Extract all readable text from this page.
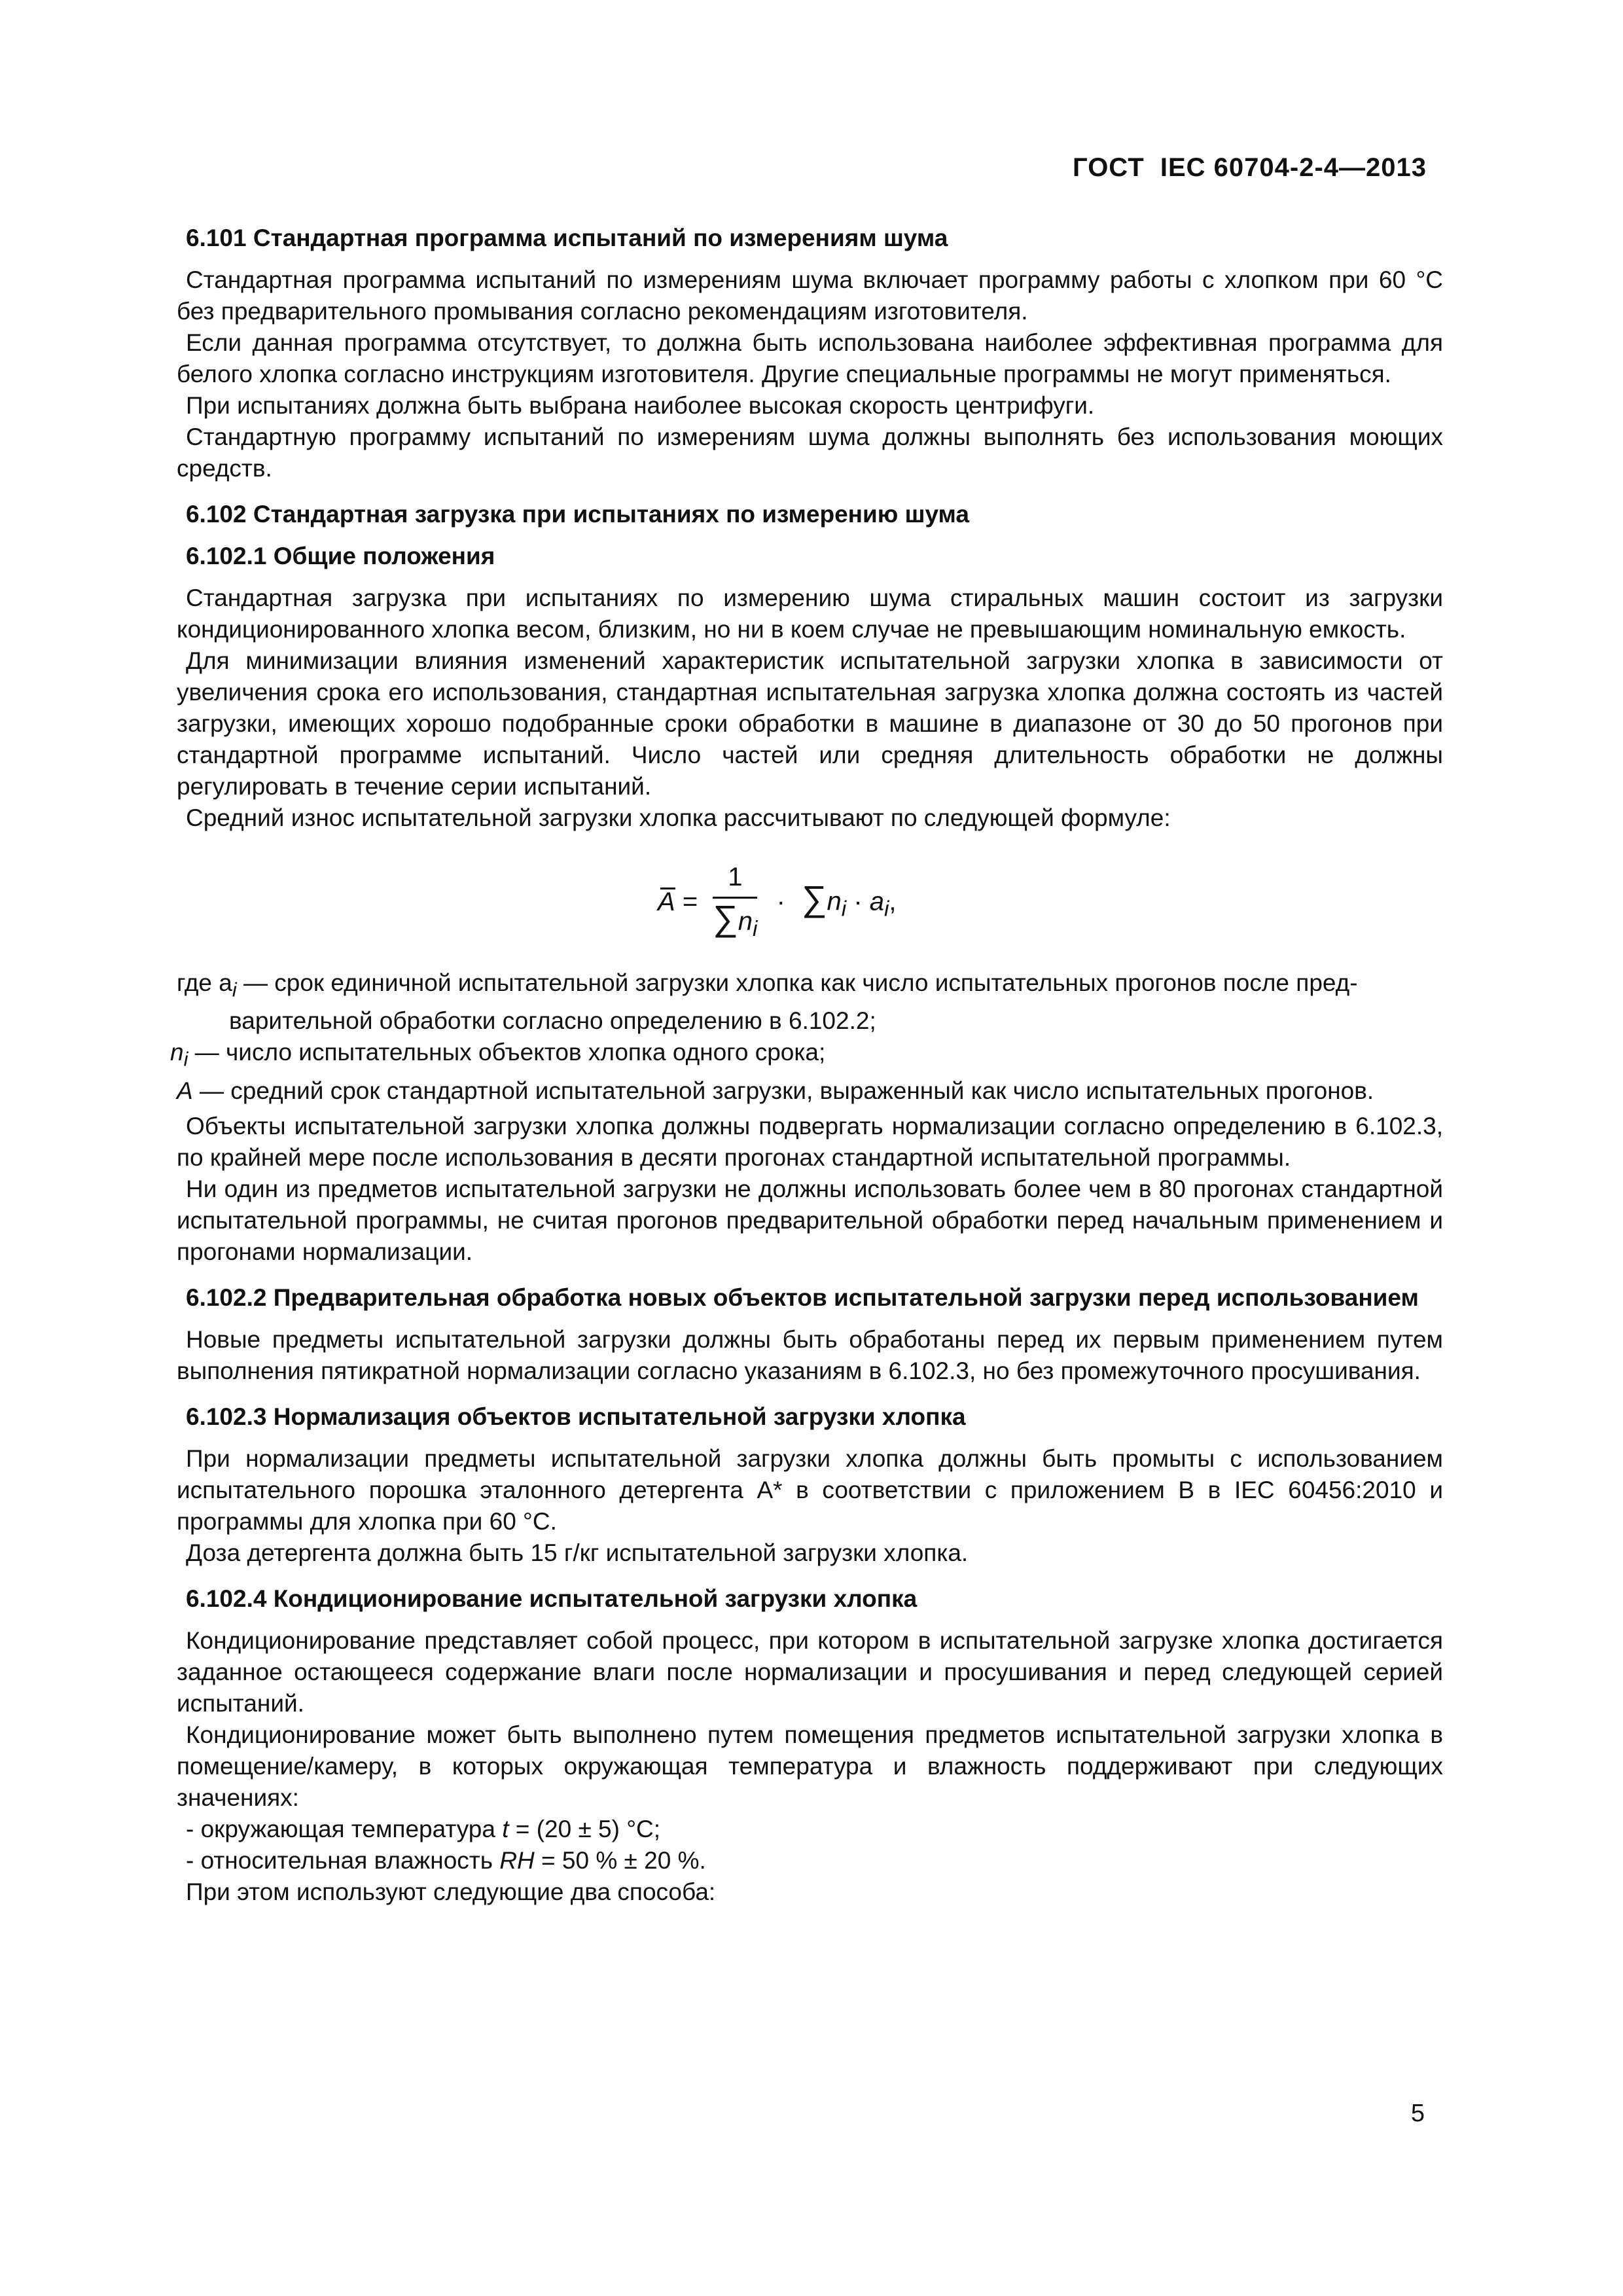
ГОСТ  IEC 60704-2-4—2013
6.101 Стандартная программа испытаний по измерениям шума

Стандартная программа испытаний по измерениям шума включает программу работы с хлопком при 60 °С без предварительного промывания согласно рекомендациям изготовителя.

Если данная программа отсутствует, то должна быть использована наиболее эффективная программа для белого хлопка согласно инструкциям изготовителя. Другие специальные программы не могут применяться.

При испытаниях должна быть выбрана наиболее высокая скорость центрифуги.

Стандартную программу испытаний по измерениям шума должны выполнять без использования моющих средств.

6.102 Стандартная загрузка при испытаниях по измерению шума
6.102.1 Общие положения

Стандартная загрузка при испытаниях по измерению шума стиральных машин состоит из загрузки кондиционированного хлопка весом, близким, но ни в коем случае не превышающим номинальную емкость.

Для минимизации влияния изменений характеристик испытательной загрузки хлопка в зависимости от увеличения срока его использования, стандартная испытательная загрузка хлопка должна состоять из частей загрузки, имеющих хорошо подобранные сроки обработки в машине в диапазоне от 30 до 50 прогонов при стандартной программе испытаний. Число частей или средняя длительность обработки не должны регулировать в течение серии испытаний.

Средний износ испытательной загрузки хлопка рассчитывают по следующей формуле:

$A = \frac{1}{\sum n_i} \cdot \sum n_i \cdot a_i$,
где $a_i$ — срок единичной испытательной загрузки хлопка как число испытательных прогонов после пред-
варительной обработки согласно определению в 6.102.2;
$n_i$ — число испытательных объектов хлопка одного срока;
A — средний срок стандартной испытательной загрузки, выраженный как число испытательных прогонов.

Объекты испытательной загрузки хлопка должны подвергать нормализации согласно определению в 6.102.3, по крайней мере после использования в десяти прогонах стандартной испытательной программы.

Ни один из предметов испытательной загрузки не должны использовать более чем в 80 прогонах стандартной испытательной программы, не считая прогонов предварительной обработки перед начальным применением и прогонами нормализации.

6.102.2 Предварительная обработка новых объектов испытательной загрузки перед использованием

Новые предметы испытательной загрузки должны быть обработаны перед их первым применением путем выполнения пятикратной нормализации согласно указаниям в 6.102.3, но без промежуточного просушивания.

6.102.3 Нормализация объектов испытательной загрузки хлопка

При нормализации предметы испытательной загрузки хлопка должны быть промыты с использованием испытательного порошка эталонного детергента А* в соответствии с приложением В в IEC 60456:2010 и программы для хлопка при 60 °С.

Доза детергента должна быть 15 г/кг испытательной загрузки хлопка.

6.102.4 Кондиционирование испытательной загрузки хлопка

Кондиционирование представляет собой процесс, при котором в испытательной загрузке хлопка достигается заданное остающееся содержание влаги после нормализации и просушивания и перед следующей серией испытаний.

Кондиционирование может быть выполнено путем помещения предметов испытательной загрузки хлопка в помещение/камеру, в которых окружающая температура и влажность поддерживают при следующих значениях:

- окружающая температура t = (20 ± 5) °С;

- относительная влажность RH = 50 % ± 20 %.

При этом используют следующие два способа:

5
